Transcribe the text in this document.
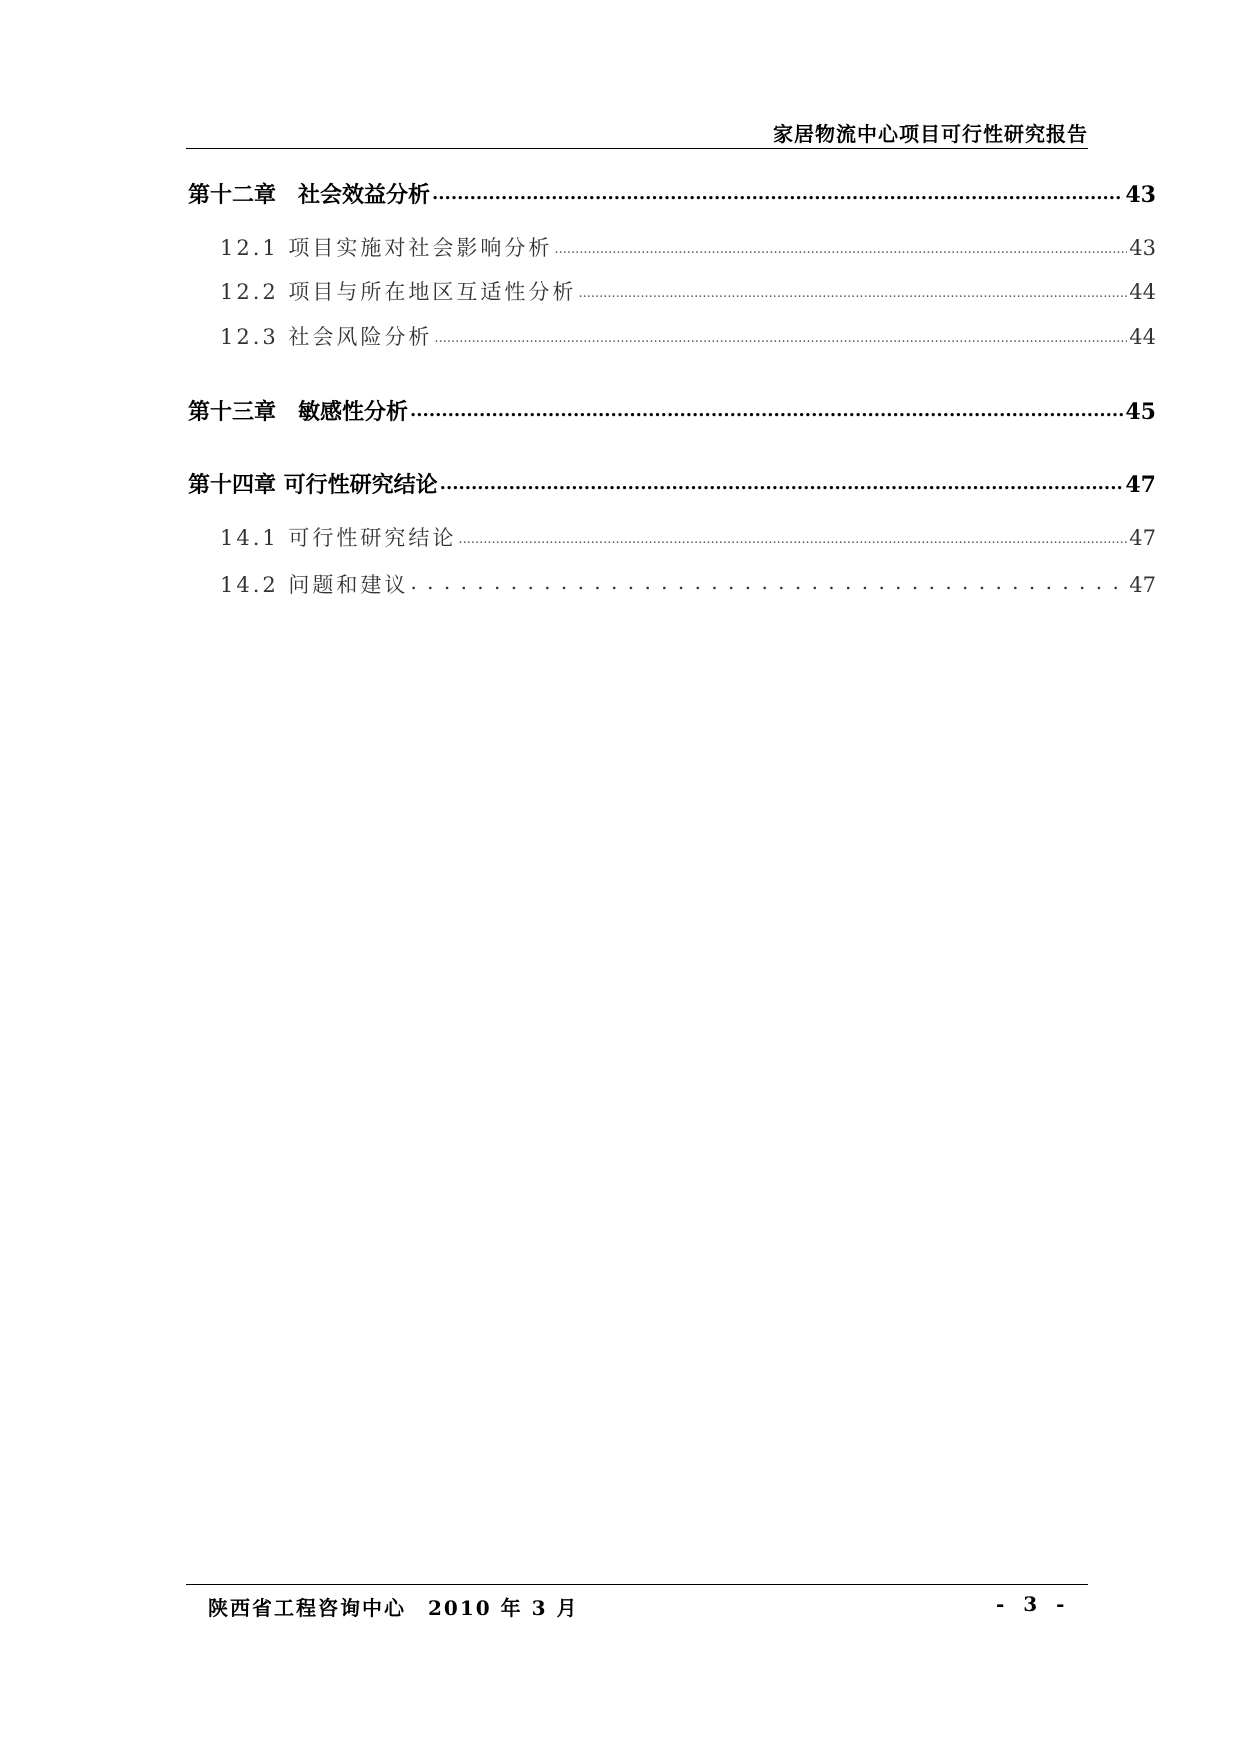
家居物流中心项目可行性研究报告
第十二章　社会效益分析 .....	43
12.1 项目实施对社会影响分析 .....	43
12.2 项目与所在地区互适性分析 .....	44
12.3 社会风险分析 .....	44
第十三章　敏感性分析 .....	45
第十四章 可行性研究结论 .....	47
14.1 可行性研究结论 .....	47
14.2 问题和建议 . . .	47
陕西省工程咨询中心　2010 年 3 月	- 3 -
